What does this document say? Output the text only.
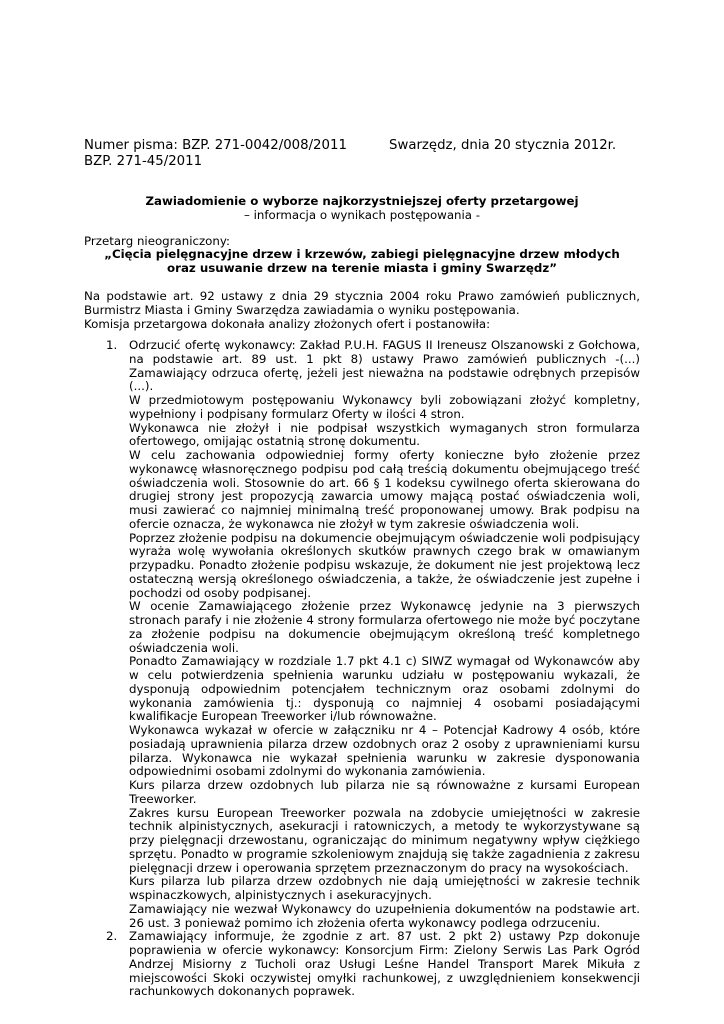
Numer pisma: BZP. 271-0042/008/2011	Swarzędz, dnia 20 stycznia 2012r.
BZP. 271-45/2011
Zawiadomienie o wyborze najkorzystniejszej oferty przetargowej
– informacja o wynikach postępowania -
Przetarg nieograniczony:
„Cięcia pielęgnacyjne drzew i krzewów, zabiegi pielęgnacyjne drzew młodych
oraz usuwanie drzew na terenie miasta i gminy Swarzędz”

Na podstawie art. 92 ustawy z dnia 29 stycznia 2004 roku Prawo zamówień publicznych,

Burmistrz Miasta i Gminy Swarzędza zawiadamia o wyniku postępowania.

Komisja przetargowa dokonała analizy złożonych ofert i postanowiła:

1. Odrzucić ofertę wykonawcy: Zakład P.U.H. FAGUS II Ireneusz Olszanowski z Gołchowa, na podstawie art. 89 ust. 1 pkt 8) ustawy Prawo zamówień publicznych -(...) Zamawiający odrzuca ofertę, jeżeli jest nieważna na podstawie odrębnych przepisów (...).

W przedmiotowym postępowaniu Wykonawcy byli zobowiązani złożyć kompletny, wypełniony i podpisany formularz Oferty w ilości 4 stron.

Wykonawca nie złożył i nie podpisał wszystkich wymaganych stron formularza ofertowego, omijając ostatnią stronę dokumentu.

W celu zachowania odpowiedniej formy oferty konieczne było złożenie przez wykonawcę własnoręcznego podpisu pod całą treścią dokumentu obejmującego treść oświadczenia woli. Stosownie do art. 66 § 1 kodeksu cywilnego oferta skierowana do drugiej strony jest propozycją zawarcia umowy mającą postać oświadczenia woli, musi zawierać co najmniej minimalną treść proponowanej umowy. Brak podpisu na ofercie oznacza, że wykonawca nie złożył w tym zakresie oświadczenia woli.

Poprzez złożenie podpisu na dokumencie obejmującym oświadczenie woli podpisujący wyraża wolę wywołania określonych skutków prawnych czego brak w omawianym przypadku. Ponadto złożenie podpisu wskazuje, że dokument nie jest projektową lecz ostateczną wersją określonego oświadczenia, a także, że oświadczenie jest zupełne i pochodzi od osoby podpisanej.

W ocenie Zamawiającego złożenie przez Wykonawcę jedynie na 3 pierwszych stronach parafy i nie złożenie 4 strony formularza ofertowego nie może być poczytane za złożenie podpisu na dokumencie obejmującym określoną treść kompletnego oświadczenia woli.

Ponadto Zamawiający w rozdziale 1.7 pkt 4.1 c) SIWZ wymagał od Wykonawców aby w celu potwierdzenia spełnienia warunku udziału w postępowaniu wykazali, że dysponują odpowiednim potencjałem technicznym oraz osobami zdolnymi do wykonania zamówienia tj.: dysponują co najmniej 4 osobami posiadającymi kwalifikacje European Treeworker i/lub równoważne.

Wykonawca wykazał w ofercie w załączniku nr 4 – Potencjał Kadrowy 4 osób, które posiadają uprawnienia pilarza drzew ozdobnych oraz 2 osoby z uprawnieniami kursu pilarza. Wykonawca nie wykazał spełnienia warunku w zakresie dysponowania odpowiednimi osobami zdolnymi do wykonania zamówienia.

Kurs pilarza drzew ozdobnych lub pilarza nie są równoważne z kursami European Treeworker.

Zakres kursu European Treeworker pozwala na zdobycie umiejętności w zakresie technik alpinistycznych, asekuracji i ratowniczych, a metody te wykorzystywane są przy pielęgnacji drzewostanu, ograniczając do minimum negatywny wpływ ciężkiego sprzętu. Ponadto w programie szkoleniowym znajdują się także zagadnienia z zakresu pielęgnacji drzew i operowania sprzętem przeznaczonym do pracy na wysokościach.

Kurs pilarza lub pilarza drzew ozdobnych nie dają umiejętności w zakresie technik wspinaczkowych, alpinistycznych i asekuracyjnych.

Zamawiający nie wezwał Wykonawcy do uzupełnienia dokumentów na podstawie art. 26 ust. 3 ponieważ pomimo ich złożenia oferta wykonawcy podlega odrzuceniu.

2. Zamawiający informuje, że zgodnie z art. 87 ust. 2 pkt 2) ustawy Pzp dokonuje poprawienia w ofercie wykonawcy: Konsorcjum Firm: Zielony Serwis Las Park Ogród Andrzej Misiorny z Tucholi oraz Usługi Leśne Handel Transport Marek Mikuła z miejscowości Skoki oczywistej omyłki rachunkowej, z uwzględnieniem konsekwencji rachunkowych dokonanych poprawek.
